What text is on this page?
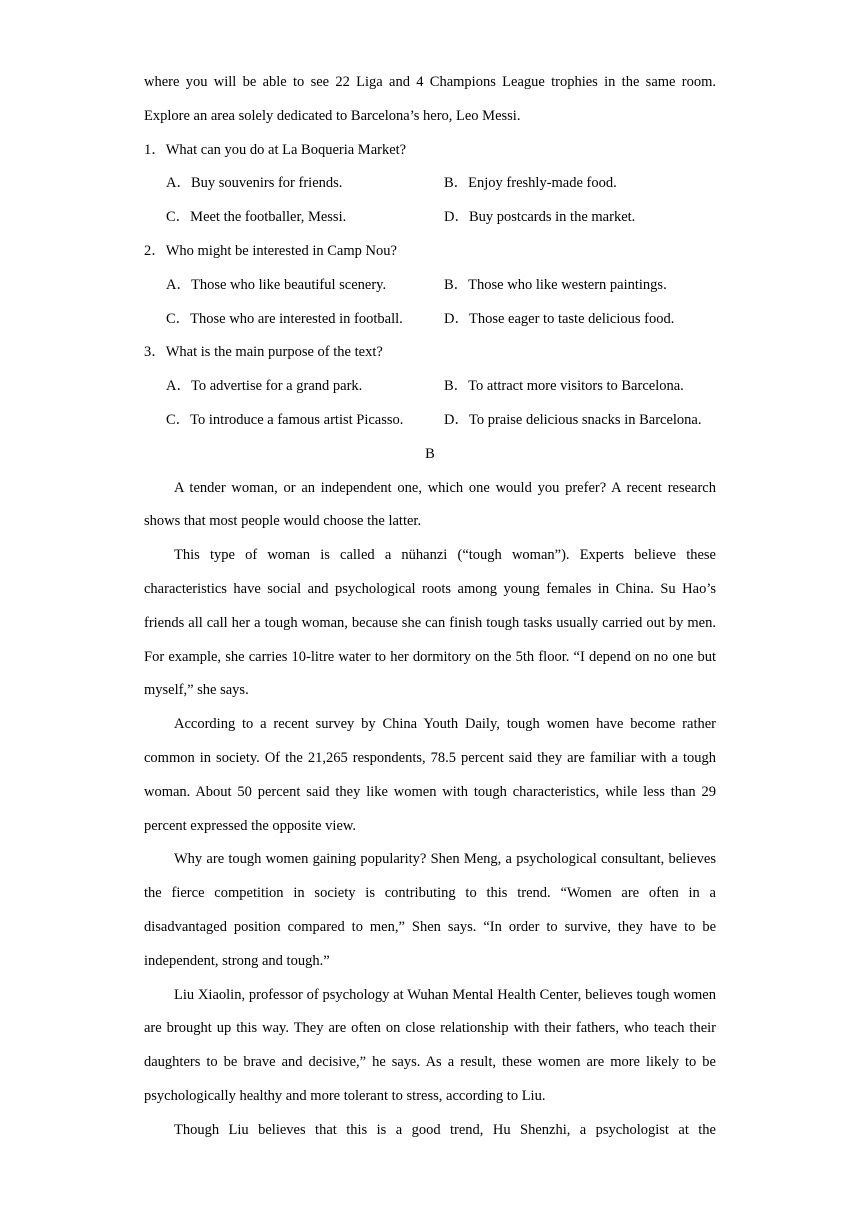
where you will be able to see 22 Liga and 4 Champions League trophies in the same room.
Explore an area solely dedicated to Barcelona’s hero, Leo Messi.
1．What can you do at La Boqueria Market?
A．Buy souvenirs for friends.	B．Enjoy freshly-made food.
C．Meet the footballer, Messi.	D．Buy postcards in the market.
2．Who might be interested in Camp Nou?
A．Those who like beautiful scenery.	B．Those who like western paintings.
C．Those who are interested in football.	D．Those eager to taste delicious food.
3．What is the main purpose of the text?
A．To advertise for a grand park.	B．To attract more visitors to Barcelona.
C．To introduce a famous artist Picasso.	D．To praise delicious snacks in Barcelona.
B
A tender woman, or an independent one, which one would you prefer? A recent research shows that most people would choose the latter.
This type of woman is called a nühanzi (“tough woman”). Experts believe these characteristics have social and psychological roots among young females in China. Su Hao’s friends all call her a tough woman, because she can finish tough tasks usually carried out by men. For example, she carries 10-litre water to her dormitory on the 5th floor. “I depend on no one but myself,” she says.
According to a recent survey by China Youth Daily, tough women have become rather common in society. Of the 21,265 respondents, 78.5 percent said they are familiar with a tough woman. About 50 percent said they like women with tough characteristics, while less than 29 percent expressed the opposite view.
Why are tough women gaining popularity? Shen Meng, a psychological consultant, believes the fierce competition in society is contributing to this trend. “Women are often in a disadvantaged position compared to men,” Shen says. “In order to survive, they have to be independent, strong and tough.”
Liu Xiaolin, professor of psychology at Wuhan Mental Health Center, believes tough women are brought up this way. They are often on close relationship with their fathers, who teach their daughters to be brave and decisive,” he says. As a result, these women are more likely to be psychologically healthy and more tolerant to stress, according to Liu.
Though Liu believes that this is a good trend, Hu Shenzhi, a psychologist at the
